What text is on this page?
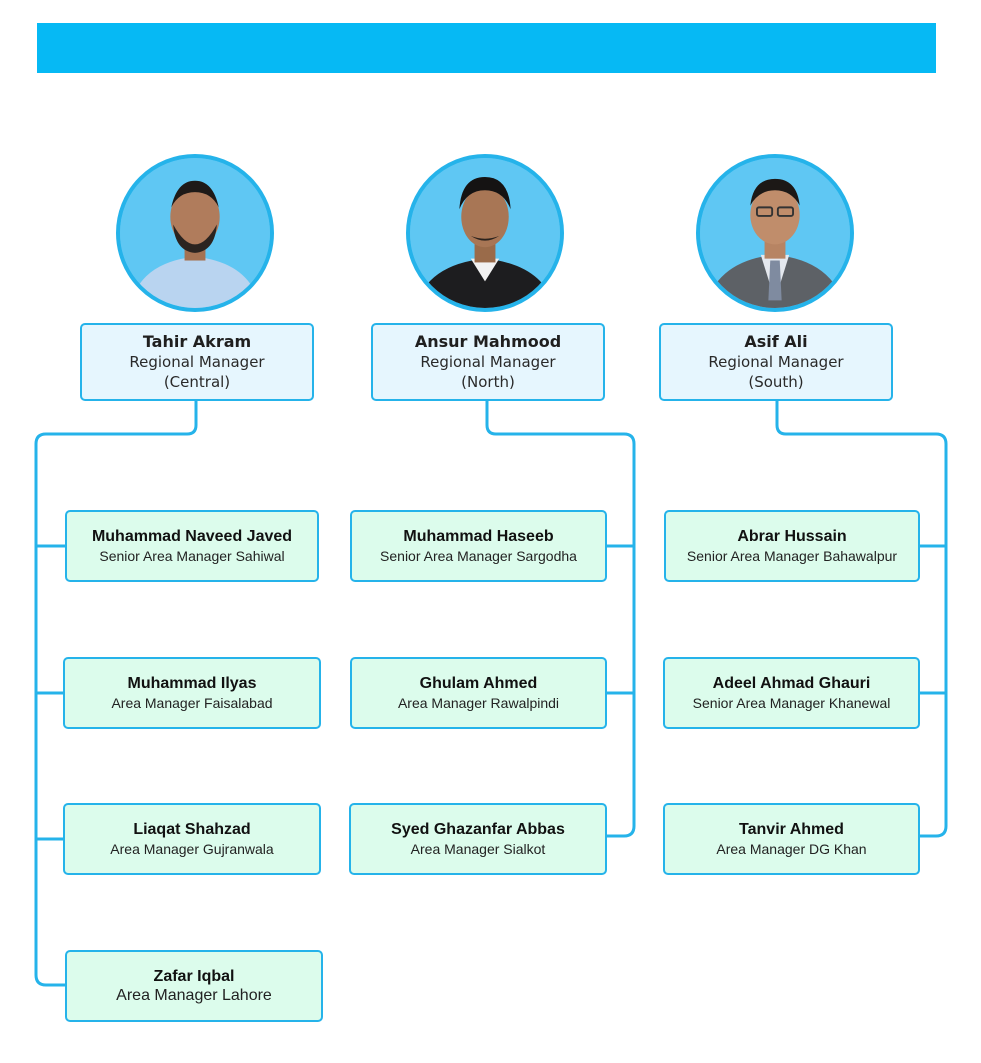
Tahir Akram
Regional Manager
(Central)
Ansur Mahmood
Regional Manager
(North)
Asif Ali
Regional Manager
(South)
Muhammad Naveed Javed
Senior Area Manager Sahiwal
Muhammad Ilyas
Area Manager Faisalabad
Liaqat Shahzad
Area Manager Gujranwala
Zafar Iqbal
Area Manager Lahore
Muhammad Haseeb
Senior Area Manager Sargodha
Ghulam Ahmed
Area Manager Rawalpindi
Syed Ghazanfar Abbas
Area Manager Sialkot
Abrar Hussain
Senior Area Manager Bahawalpur
Adeel Ahmad Ghauri
Senior Area Manager Khanewal
Tanvir Ahmed
Area Manager DG Khan
